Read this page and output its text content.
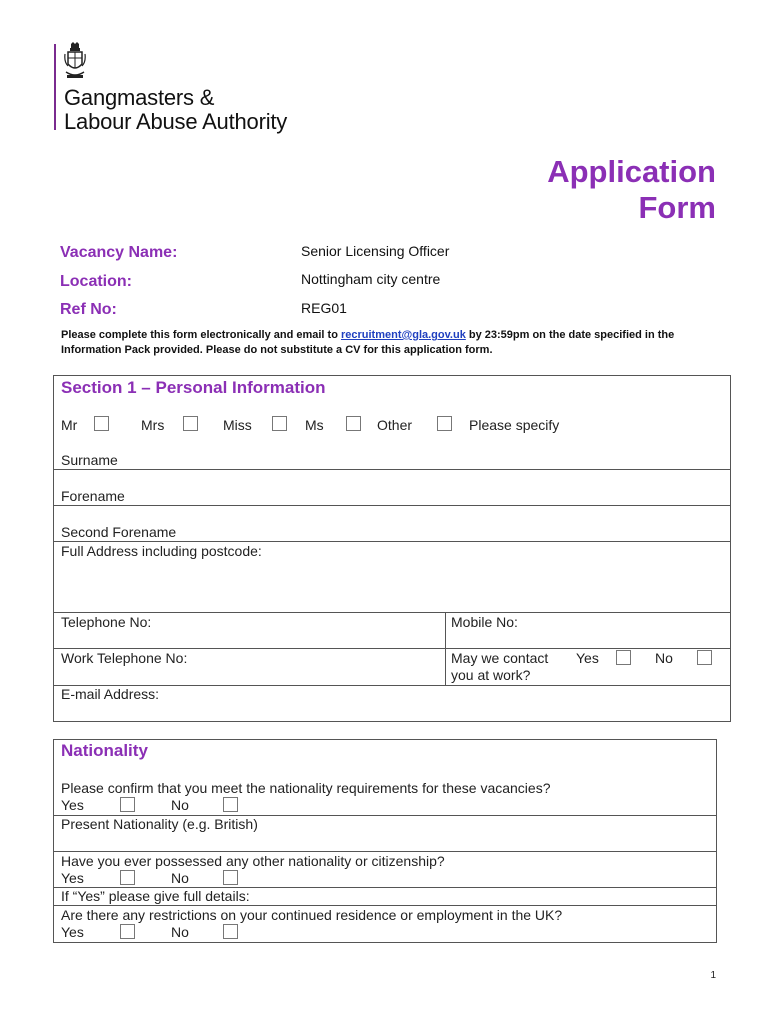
Gangmasters &
Labour Abuse Authority
Application
Form
Vacancy Name:	Senior Licensing Officer
Location:	Nottingham city centre
Ref No:	REG01
Please complete this form electronically and email to recruitment@gla.gov.uk by 23:59pm on the date specified in the Information Pack provided. Please do not substitute a CV for this application form.
Section 1 – Personal Information
Mr	Mrs	Miss	Ms	Other	Please specify
Surname
Forename
Second Forename
Full Address including postcode:
Telephone No:	Mobile No:
Work Telephone No:	May we contact
you at work?
Yes	No
E-mail Address:
Nationality
Please confirm that you meet the nationality requirements for these vacancies?
Yes	No
Present Nationality (e.g. British)
Have you ever possessed any other nationality or citizenship?
Yes	No
If “Yes” please give full details:
Are there any restrictions on your continued residence or employment in the UK?
Yes	No
1
